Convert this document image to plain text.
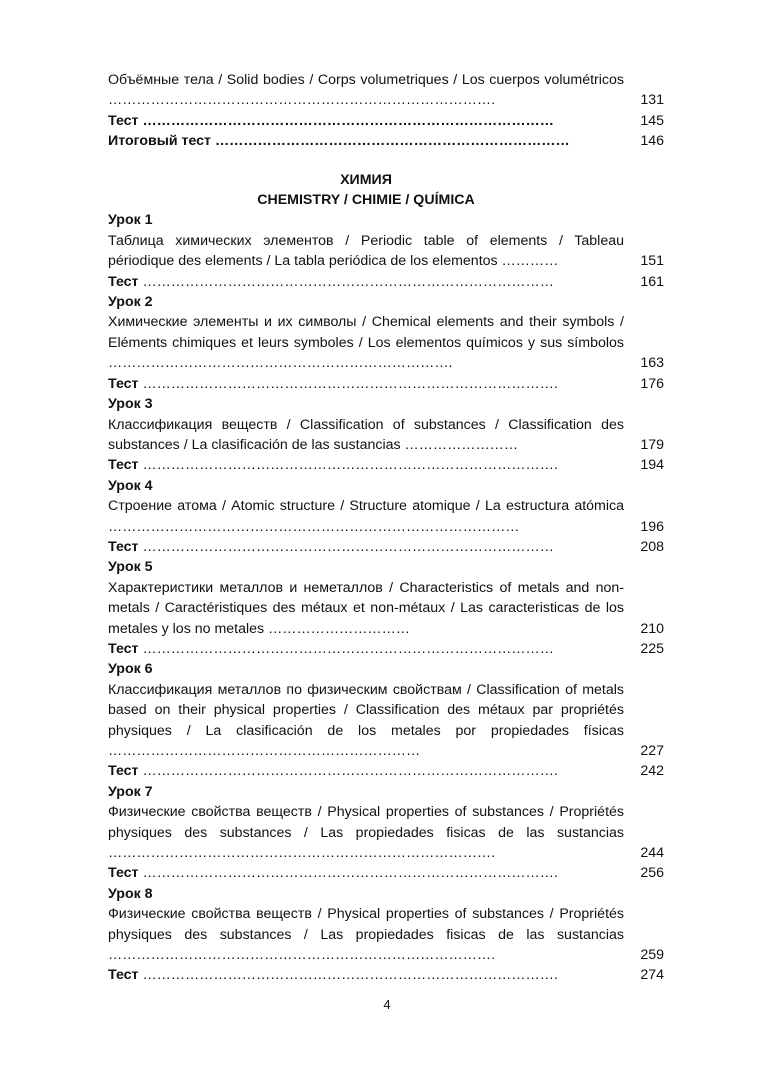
Объёмные тела / Solid bodies / Corps volumetriques / Los cuerpos volumétricos ……………………………………………………………………….	131
Тест ……………………………………………………………………………	145
Итоговый тест …………………………………………………………………	146
ХИМИЯ
CHEMISTRY / CHIMIE / QUÍMICA
Урок 1
Таблица химических элементов / Periodic table of elements / Tableau périodique des elements / La tabla periódica de los elementos …………	151
Тест ……………………………………………………………………………	161
Урок 2
Химические элементы и их символы / Chemical elements and their symbols / Eléments chimiques et leurs symboles / Los elementos químicos y sus símbolos ……………………………………………………………….	163
Тест …………………………………………………………………………….	176
Урок 3
Классификация веществ / Classification of substances / Classification des substances / La clasificación de las sustancias ……………………	179
Тест …………………………………………………………………………….	194
Урок 4
Строение атома / Atomic structure / Structure atomique / La estructura atómica ……………………………………………………………………………	196
Тест ……………………………………………………………………………	208
Урок 5
Характеристики металлов и неметаллов / Characteristics of metals and non-metals / Caractéristiques des métaux et non-métaux / Las caracteristicas de los metales y los no metales …………………………	210
Тест ……………………………………………………………………………	225
Урок 6
Классификация металлов по физическим свойствам / Classification of metals based on their physical properties / Classification des métaux par propriétés physiques / La clasificación de los metales por propiedades físicas …………………………………………………………	227
Тест …………………………………………………………………………….	242
Урок 7
Физические свойства веществ / Physical properties of substances / Propriétés physiques des substances / Las propiedades fisicas de las sustancias ……………………………………………………………………….	244
Тест …………………………………………………………………………….	256
Урок 8
Физические свойства веществ / Physical properties of substances / Propriétés physiques des substances / Las propiedades fisicas de las sustancias ……………………………………………………………………….	259
Тест …………………………………………………………………………….	274
4
